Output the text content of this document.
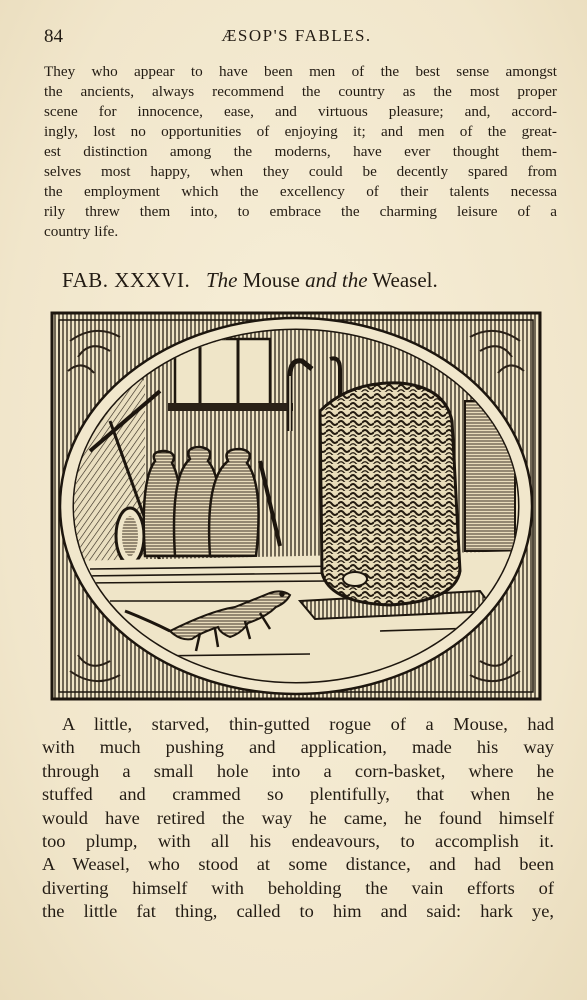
84	ÆSOP'S FABLES.
They who appear to have been men of the best sense amongst
the ancients, always recommend the country as the most proper
scene for innocence, ease, and virtuous pleasure; and, accord-
ingly, lost no opportunities of enjoying it; and men of the great-
est distinction among the moderns, have ever thought them-
selves most happy, when they could be decently spared from
the employment which the excellency of their talents necessa
rily threw them into, to embrace the charming leisure of a
country life.
FAB. XXXVI. The Mouse and the Weasel.
A little, starved, thin-gutted rogue of a Mouse, had
with much pushing and application, made his way
through a small hole into a corn-basket, where he
stuffed and crammed so plentifully, that when he
would have retired the way he came, he found himself
too plump, with all his endeavours, to accomplish it.
A Weasel, who stood at some distance, and had been
diverting himself with beholding the vain efforts of
the little fat thing, called to him and said: hark ye,
